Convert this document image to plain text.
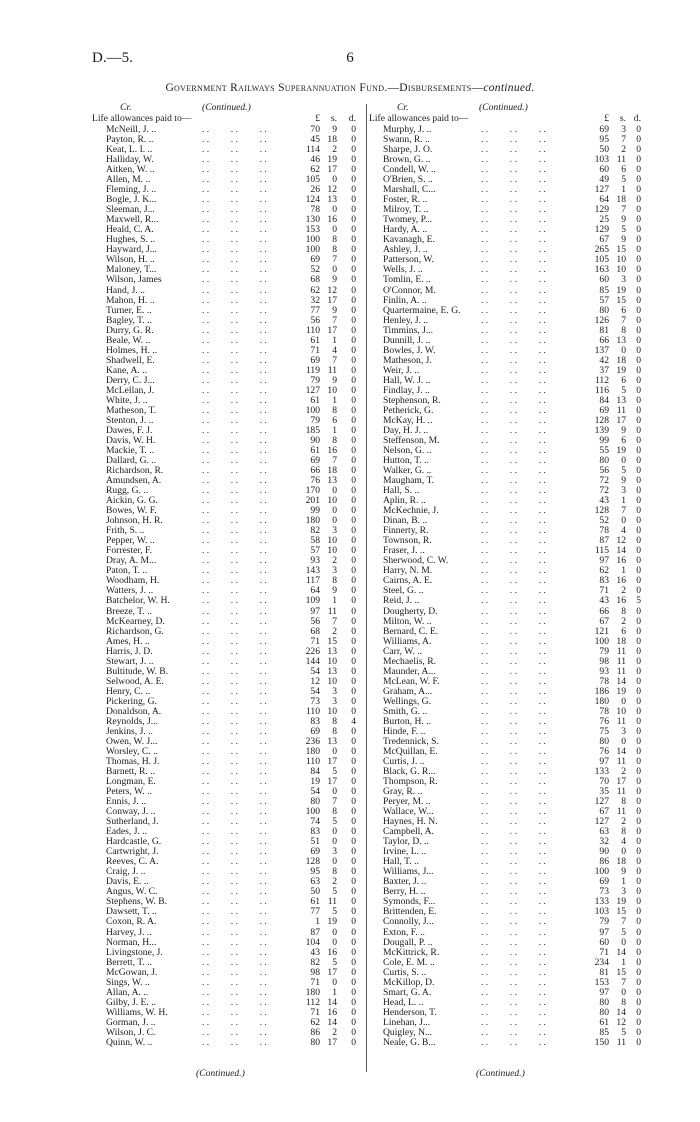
D.—5.	6
Government Railways Superannuation Fund.—Disbursements—continued.
Cr.	(Continued.)
Life allowances paid to—	£	s. d.
McNeill, J. ..	70	9	0
. .         . .         . .
Payton, R. ..	45 18	0
. .         . .         . .
Keat, L. I. ..	114	2	0
. .         . .         . .
Halliday, W.	46 19	0
. .         . .         . .
Aitken, W. ..	62 17	0
. .         . .         . .
Allen, M. ..	105	0	0
. .         . .         . .
Fleming, J. ..	26 12	0
. .         . .         . .
Bogle, J. K...	124 13	0
. .         . .         . .
Sleeman, J...	78	0	0
. .         . .         . .
Maxwell, R...	130 16	0
. .         . .         . .
Heald, C. A.	153	0	0
. .         . .         . .
Hughes, S. ..	100	8	0
. .         . .         . .
Hayward, J...	100	8	0
. .         . .         . .
Wilson, H. ..	69	7	0
. .         . .         . .
Maloney, T...	52	0	0
. .         . .         . .
Wilson, James	68	9	0
. .         . .         . .
Hand, J. ..	62 12	0
. .         . .         . .
Mahon, H. ..	32 17	0
. .         . .         . .
Turner, E. ..	77	9	0
. .         . .         . .
Bagley, T. ..	56	7	0
. .         . .         . .
Durry, G. R.	110 17	0
. .         . .         . .
Beale, W. ..	61	1	0
. .         . .         . .
Holmes, H. ..	71	4	0
. .         . .         . .
Shadwell, E.	69	7	0
. .         . .         . .
Kane, A. ..	119 11	0
. .         . .         . .
Derry, C. J...	79	9	0
. .         . .         . .
McLellan, J.	127 10	0
. .         . .         . .
White, J. ..	61	1	0
. .         . .         . .
Matheson, T.	100	8	0
. .         . .         . .
Stenton, J. ..	79	6	0
. .         . .         . .
Dawes, F. J.	185	1	0
. .         . .         . .
Davis, W. H.	90	8	0
. .         . .         . .
Mackie, T. ..	61 16	0
. .         . .         . .
Dallard, G. ..	69	7	0
. .         . .         . .
Richardson, R.	66 18	0
. .         . .         . .
Amundsen, A.	76 13	0
. .         . .         . .
Rugg, G. ..	170	0	0
. .         . .         . .
Aickin, G. G.	201 10	0
. .         . .         . .
Bowes, W. F.	99	0	0
. .         . .         . .
Johnson, H. R.	180	0	0
. .         . .         . .
Frith, S. ..	82	3	0
. .         . .         . .
Pepper, W. ..	58 10	0
. .         . .         . .
Forrester, F.	57 10	0
. .         . .         . .
Dray, A. M...	93	2	0
. .         . .         . .
Paton, T. ..	143	3	0
. .         . .         . .
Woodham, H.	117	8	0
. .         . .         . .
Watters, J. ..	64	9	0
. .         . .         . .
Batchelor, W. H.	109	1	0
. .         . .         . .
Breeze, T. ..	97 11	0
. .         . .         . .
McKearney, D.	56	7	0
. .         . .         . .
Richardson, G.	68	2	0
. .         . .         . .
Ames, H. ..	71 15	0
. .         . .         . .
Harris, J. D.	226 13	0
. .         . .         . .
Stewart, J. ..	144 10	0
. .         . .         . .
Bultitude, W. B.	54 13	0
. .         . .         . .
Selwood, A. E.	12 10	0
. .         . .         . .
Henry, C. ..	54	3	0
. .         . .         . .
Pickering, G.	73	3	0
. .         . .         . .
Donaldson, A.	110 10	0
. .         . .         . .
Reynolds, J...	83	8	4
. .         . .         . .
Jenkins, J. ..	69	8	0
. .         . .         . .
Owen, W. J...	236 13	0
. .         . .         . .
Worsley, C. ..	180	0	0
. .         . .         . .
Thomas, H. J.	110 17	0
. .         . .         . .
Barnett, R. ..	84	5	0
. .         . .         . .
Longman, E.	19 17	0
. .         . .         . .
Peters, W. ..	54	0	0
. .         . .         . .
Ennis, J. ..	80	7	0
. .         . .         . .
Conway, J. ..	100	8	0
. .         . .         . .
Sutherland, J.	74	5	0
. .         . .         . .
Eades, J. ..	83	0	0
. .         . .         . .
Hardcastle, G.	51	0	0
. .         . .         . .
Cartwright, J.	69	3	0
. .         . .         . .
Reeves, C. A.	128	0	0
. .         . .         . .
Craig, J. ..	95	8	0
. .         . .         . .
Davis, E. ..	63	2	0
. .         . .         . .
Angus, W. C.	50	5	0
. .         . .         . .
Stephens, W. B.	61 11	0
. .         . .         . .
Dawsett, T. ..	77	5	0
. .         . .         . .
Coxon, R. A.	1 19	0
. .         . .         . .
Harvey, J. ..	87	0	0
. .         . .         . .
Norman, H...	104	0	0
. .         . .         . .
Livingstone, J.	43 16	0
. .         . .         . .
Berrett, T. ..	82	5	0
. .         . .         . .
McGowan, J.	98 17	0
. .         . .         . .
Sings, W. ..	71	0	0
. .         . .         . .
Allan, A. ..	180	1	0
. .         . .         . .
Gilby, J. E. ..	112 14	0
. .         . .         . .
Williams, W. H.	71 16	0
. .         . .         . .
Gorman, J. ..	62 14	0
. .         . .         . .
Wilson, J. C.	86	2	0
. .         . .         . .
Quinn, W. ..	80 17	0
. .         . .         . .
Cr.	(Continued.)
Life allowances paid to—	£	s. d.
Murphy, J. ..	69	3	0
. .         . .         . .
Swann, R. ..	95	7	0
. .         . .         . .
Sharpe, J. O.	50	2	0
. .         . .         . .
Brown, G. ..	103 11	0
. .         . .         . .
Condell, W. ..	60	6	0
. .         . .         . .
O'Brien, S. ..	49	5	0
. .         . .         . .
Marshall, C...	127	1	0
. .         . .         . .
Foster, R. ..	64 18	0
. .         . .         . .
Milroy, T. ..	129	7	0
. .         . .         . .
Twomey, P...	25	9	0
. .         . .         . .
Hardy, A. ..	129	5	0
. .         . .         . .
Kavanagh, E.	67	9	0
. .         . .         . .
Ashley, J. ..	265 15	0
. .         . .         . .
Patterson, W.	105 10	0
. .         . .         . .
Wells, J. ..	163 10	0
. .         . .         . .
Tomlin, E. ..	60	3	0
. .         . .         . .
O'Connor, M.	85 19	0
. .         . .         . .
Finlin, A. ..	57 15	0
. .         . .         . .
Quartermaine, E. G.	80	6	0
. .         . .         . .
Henley, J. ..	126	7	0
. .         . .         . .
Timmins, J...	81	8	0
. .         . .         . .
Dunnill, J. ..	66 13	0
. .         . .         . .
Bowles, J. W.	137	0	0
. .         . .         . .
Matheson, J.	42 18	0
. .         . .         . .
Weir, J. ..	37 19	0
. .         . .         . .
Hall, W. J. ..	112	6	0
. .         . .         . .
Findlay, J. ..	116	5	0
. .         . .         . .
Stephenson, R.	84 13	0
. .         . .         . .
Petherick, G.	69 11	0
. .         . .         . .
McKay, H. ..	128 17	0
. .         . .         . .
Day, H. J. ..	139	9	0
. .         . .         . .
Steffenson, M.	99	6	0
. .         . .         . .
Nelson, G. ..	55 19	0
. .         . .         . .
Hutton, T. ..	80	0	0
. .         . .         . .
Walker, G. ..	56	5	0
. .         . .         . .
Maugham, T.	72	9	0
. .         . .         . .
Hall, S. ..	72	3	0
. .         . .         . .
Aplin, R. ..	43	1	0
. .         . .         . .
McKechnie, J.	128	7	0
. .         . .         . .
Dinan, B. ..	52	0	0
. .         . .         . .
Finnerty, R.	78	4	0
. .         . .         . .
Townson, R.	87 12	0
. .         . .         . .
Fraser, J. ..	115 14	0
. .         . .         . .
Sherwood, C. W.	97 16	0
. .         . .         . .
Harry, N. M.	62	1	0
. .         . .         . .
Cairns, A. E.	83 16	0
. .         . .         . .
Steel, G. ..	71	2	0
. .         . .         . .
Reid, J. ..	43 16	5
. .         . .         . .
Dougherty, D.	66	8	0
. .         . .         . .
Milton, W. ..	67	2	0
. .         . .         . .
Bernard, C. E.	121	6	0
. .         . .         . .
Williams, A.	100 18	0
. .         . .         . .
Carr, W. ..	79 11	0
. .         . .         . .
Mechaelis, R.	98 11	0
. .         . .         . .
Maunder, A...	93 11	0
. .         . .         . .
McLean, W. F.	78 14	0
. .         . .         . .
Graham, A...	186 19	0
. .         . .         . .
Wellings, G.	180	0	0
. .         . .         . .
Smith, G. ..	78 10	0
. .         . .         . .
Burton, H. ..	76 11	0
. .         . .         . .
Hinde, F. ..	75	3	0
. .         . .         . .
Tredennick, S.	80	0	0
. .         . .         . .
McQuillan, E.	76 14	0
. .         . .         . .
Curtis, J. ..	97 11	0
. .         . .         . .
Black, G. R...	133	2	0
. .         . .         . .
Thompson, R.	70 17	0
. .         . .         . .
Gray, R. ..	35 11	0
. .         . .         . .
Peryer, M. ..	127	8	0
. .         . .         . .
Wallace, W...	67 11	0
. .         . .         . .
Haynes, H. N.	127	2	0
. .         . .         . .
Campbell, A.	63	8	0
. .         . .         . .
Taylor, D. ..	32	4	0
. .         . .         . .
Irvine, L. ..	90	0	0
. .         . .         . .
Hall, T. ..	86 18	0
. .         . .         . .
Williams, J...	100	9	0
. .         . .         . .
Baxter, J. ..	69	1	0
. .         . .         . .
Berry, H. ..	73	3	0
. .         . .         . .
Symonds, F...	133 19	0
. .         . .         . .
Brittenden, E.	103 15	0
. .         . .         . .
Connolly, J...	79	7	0
. .         . .         . .
Exton, F. ..	97	5	0
. .         . .         . .
Dougall, P. ..	60	0	0
. .         . .         . .
McKittrick, R.	71 14	0
. .         . .         . .
Cole, E. M. ..	234	1	0
. .         . .         . .
Curtis, S. ..	81 15	0
. .         . .         . .
McKillop, D.	153	7	0
. .         . .         . .
Smart, G. A.	97	0	0
. .         . .         . .
Head, L. ..	80	8	0
. .         . .         . .
Henderson, T.	80 14	0
. .         . .         . .
Linehan, J...	61 12	0
. .         . .         . .
Quigley, N...	85	5	0
. .         . .         . .
Neale, G. B...	150 11	0
. .         . .         . .
(Continued.)	(Continued.)
